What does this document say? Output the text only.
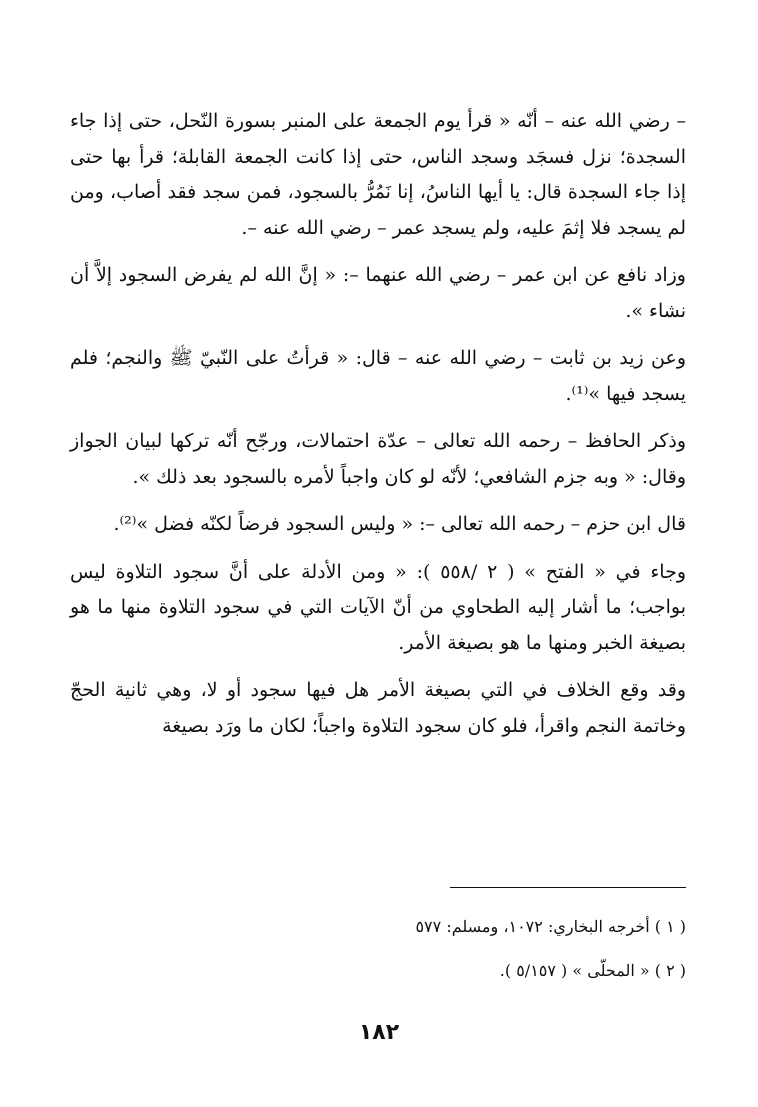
– رضي الله عنه – أنّه « قرأ يوم الجمعة على المنبر بسورة النّحل، حتى إذا جاء السجدة؛ نزل فسجَد وسجد الناس، حتى إذا كانت الجمعة القابلة؛ قرأ بها حتى إذا جاء السجدة قال: يا أيها الناسُ، إنا نَمُرُّ بالسجود، فمن سجد فقد أصاب، ومن لم يسجد فلا إثمَ عليه، ولم يسجد عمر – رضي الله عنه –.

وزاد نافع عن ابن عمر – رضي الله عنهما –: « إنَّ الله لم يفرض السجود إلاَّ أن نشاء ».

وعن زيد بن ثابت – رضي الله عنه – قال: « قرأتُ على النّبيّ ﷺ والنجم؛ فلم يسجد فيها »⁽¹⁾.

وذكر الحافظ – رحمه الله تعالى – عدّة احتمالات، ورجّح أنّه تركها لبيان الجواز وقال: « وبه جزم الشافعي؛ لأنّه لو كان واجباً لأمره بالسجود بعد ذلك ».

قال ابن حزم – رحمه الله تعالى –: « وليس السجود فرضاً لكنّه فضل »⁽²⁾.

وجاء في « الفتح » ( ٢ /٥٥٨ ): « ومن الأدلة على أنَّ سجود التلاوة ليس بواجب؛ ما أشار إليه الطحاوي من أنّ الآيات التي في سجود التلاوة منها ما هو بصيغة الخبر ومنها ما هو بصيغة الأمر.

وقد وقع الخلاف في التي بصيغة الأمر هل فيها سجود أو لا، وهي ثانية الحجّ وخاتمة النجم واقرأ، فلو كان سجود التلاوة واجباً؛ لكان ما ورَد بصيغة

( ١ ) أخرجه البخاري: ١٠٧٢، ومسلم: ٥٧٧

( ٢ ) « المحلّى » ( ٥/١٥٧ ).

١٨٢
